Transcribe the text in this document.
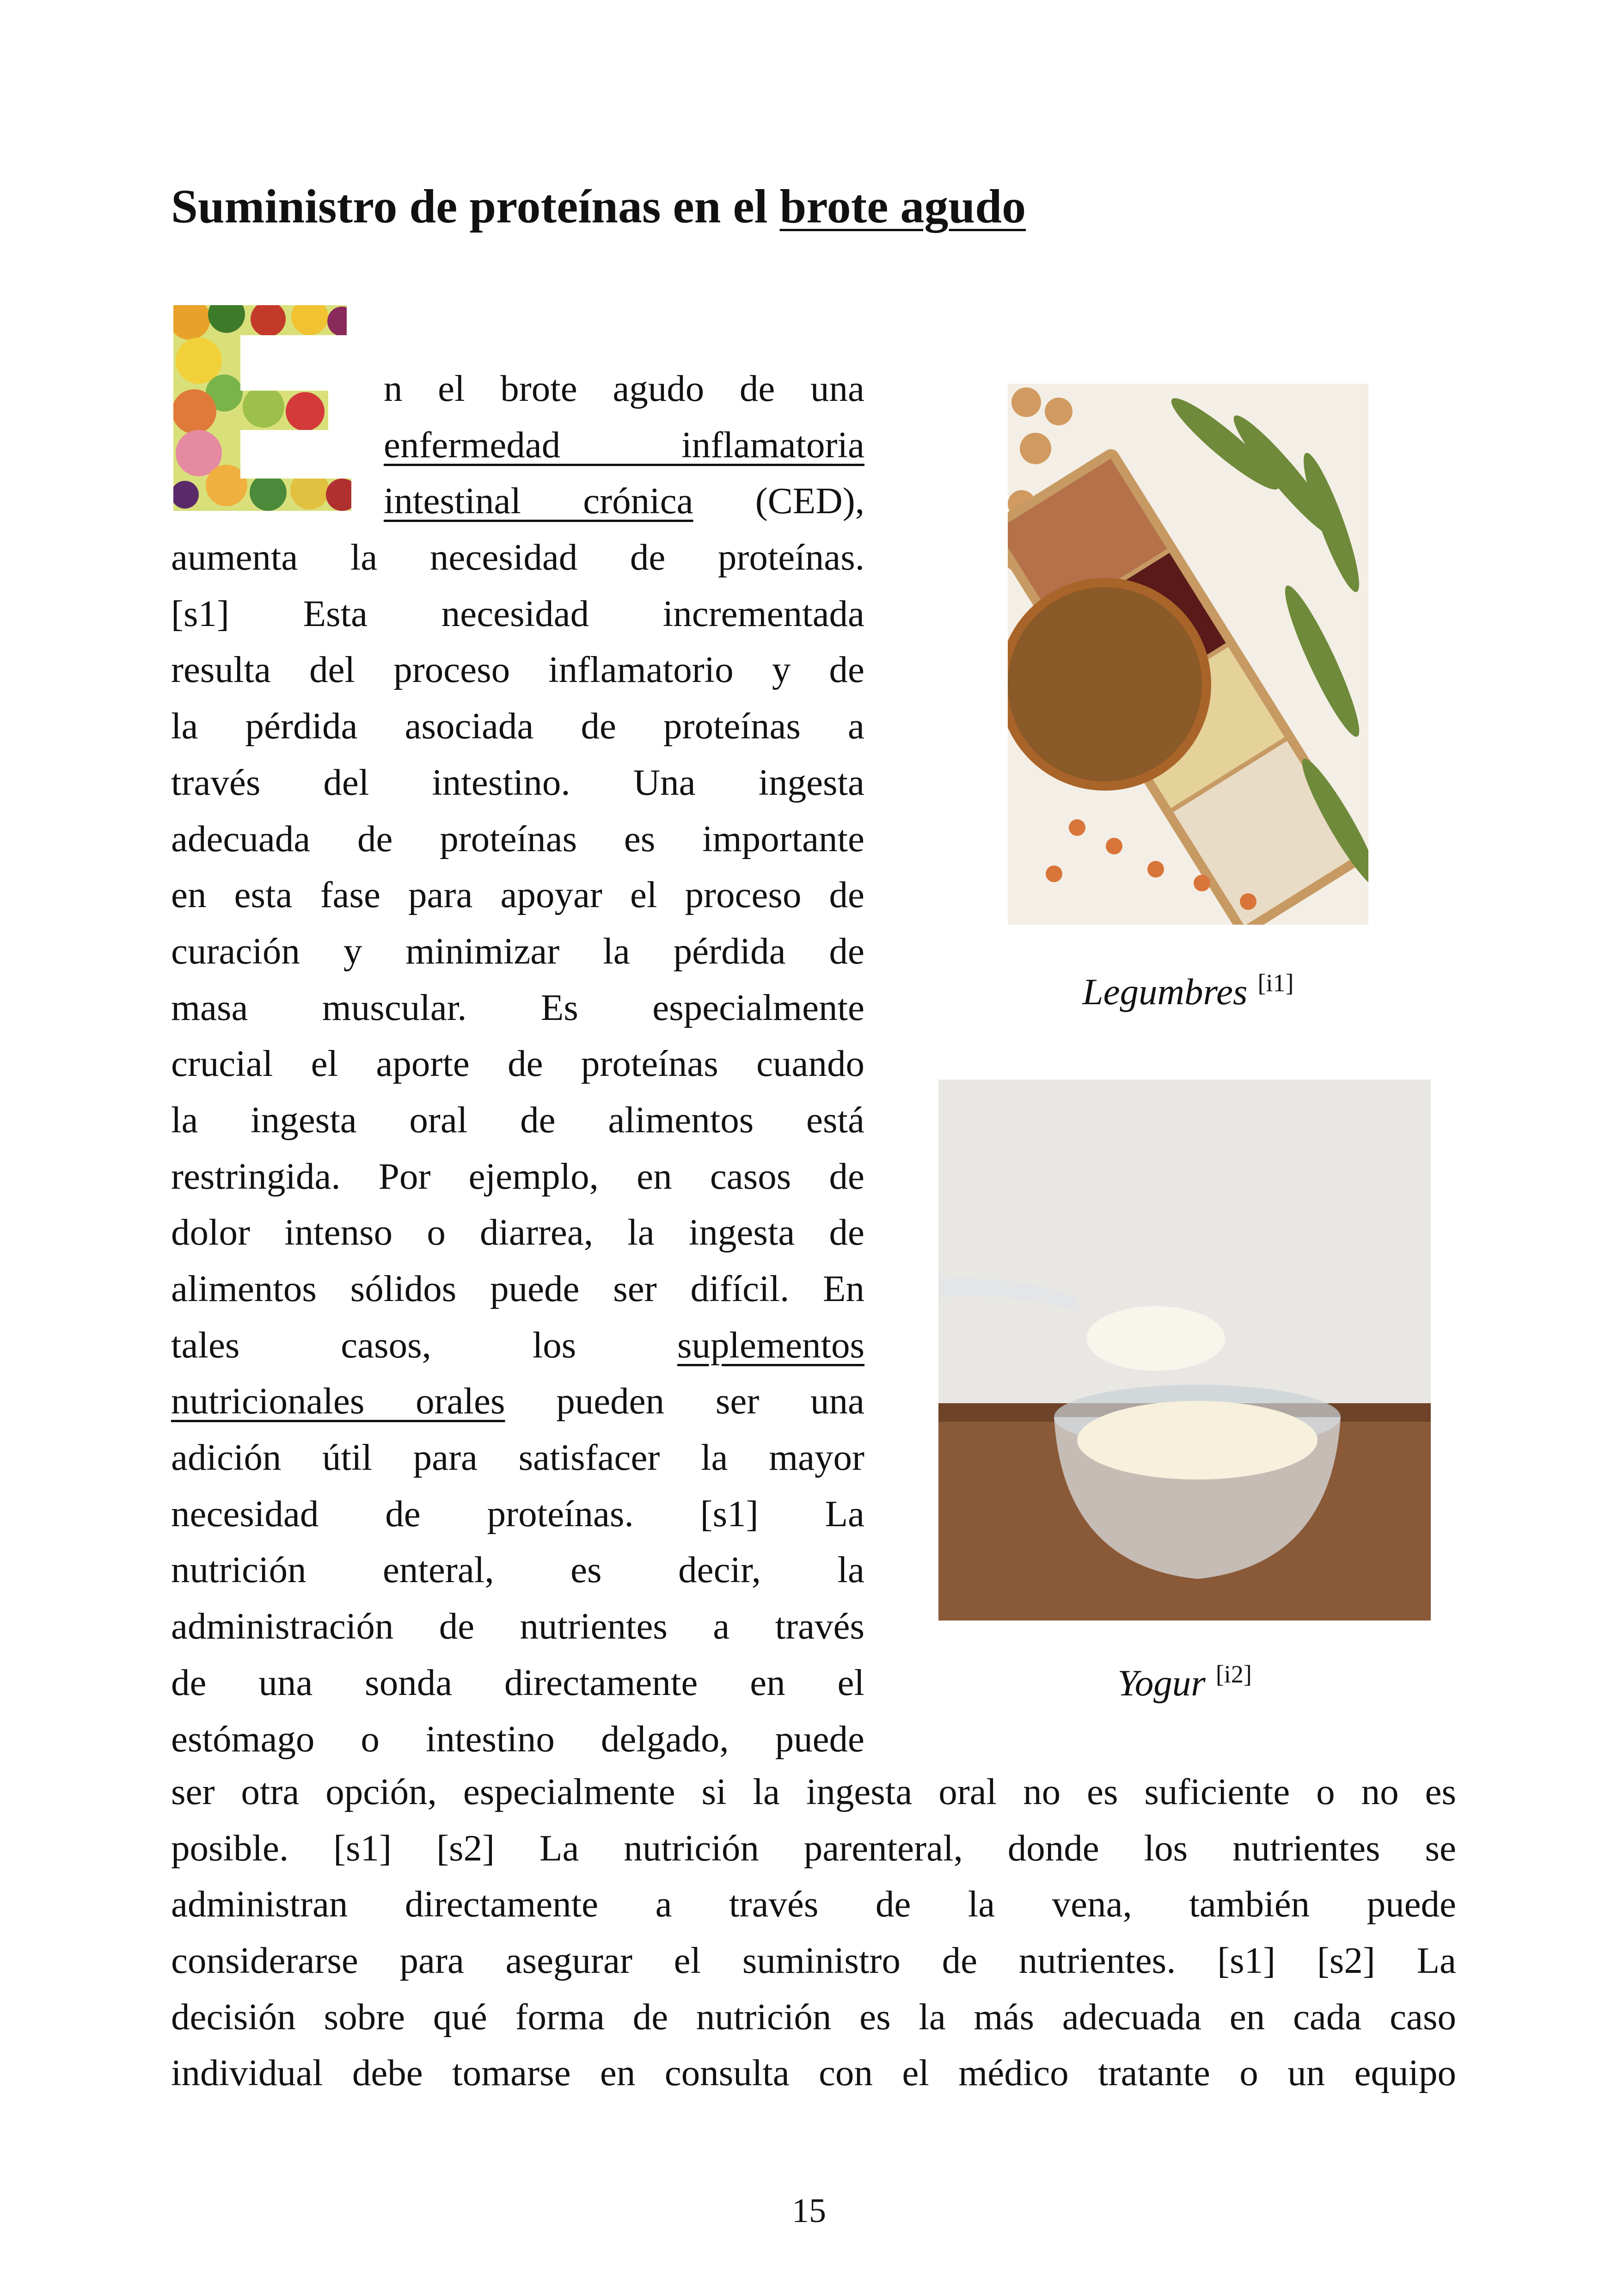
Suministro de proteínas en el brote agudo
n el brote agudo de una
enfermedad inflamatoria
intestinal crónica (CED),
aumenta la necesidad de proteínas.
[s1] Esta necesidad incrementada
resulta del proceso inflamatorio y de
la pérdida asociada de proteínas a
través del intestino. Una ingesta
adecuada de proteínas es importante
en esta fase para apoyar el proceso de
curación y minimizar la pérdida de
masa muscular. Es especialmente
crucial el aporte de proteínas cuando
la ingesta oral de alimentos está
restringida. Por ejemplo, en casos de
dolor intenso o diarrea, la ingesta de
alimentos sólidos puede ser difícil. En
tales casos, los suplementos
nutricionales orales pueden ser una
adición útil para satisfacer la mayor
necesidad de proteínas. [s1] La
nutrición enteral, es decir, la
administración de nutrientes a través
de una sonda directamente en el
estómago o intestino delgado, puede
ser otra opción, especialmente si la ingesta oral no es suficiente o no es
posible. [s1] [s2] La nutrición parenteral, donde los nutrientes se
administran directamente a través de la vena, también puede
considerarse para asegurar el suministro de nutrientes. [s1] [s2] La
decisión sobre qué forma de nutrición es la más adecuada en cada caso
individual debe tomarse en consulta con el médico tratante o un equipo
Legumbres [i1]
Yogur [i2]
15
